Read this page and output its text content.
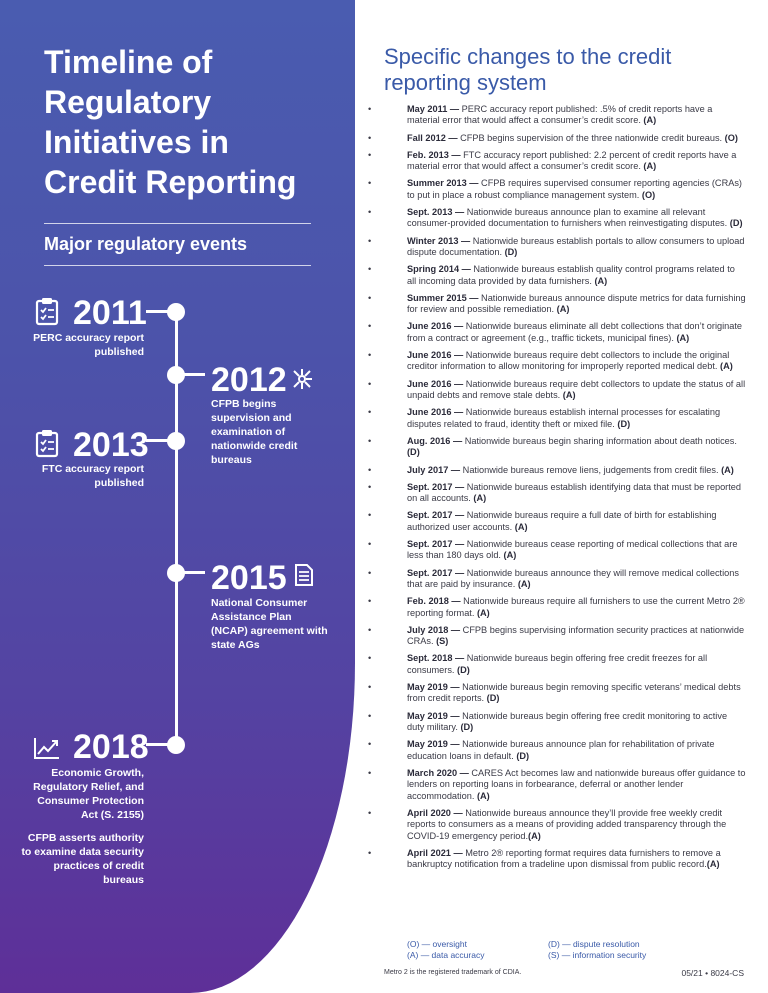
Timeline of Regulatory Initiatives in Credit Reporting
Major regulatory events
2011
PERC accuracy report published
2012
CFPB begins supervision and examination of nationwide credit bureaus
2013
FTC accuracy report published
2015
National Consumer Assistance Plan (NCAP) agreement with state AGs
2018
Economic Growth, Regulatory Relief, and Consumer Protection Act (S. 2155)
CFPB asserts authority to examine data security practices of credit bureaus
Specific changes to the credit reporting system
• May 2011 — PERC accuracy report published: .5% of credit reports have a material error that would affect a consumer’s credit score. (A)
• Fall 2012 — CFPB begins supervision of the three nationwide credit bureaus. (O)
• Feb. 2013 — FTC accuracy report published: 2.2 percent of credit reports have a material error that would affect a consumer’s credit score. (A)
• Summer 2013 — CFPB requires supervised consumer reporting agencies (CRAs) to put in place a robust compliance management system. (O)
• Sept. 2013 — Nationwide bureaus announce plan to examine all relevant consumer-provided documentation to furnishers when reinvestigating disputes. (D)
• Winter 2013 — Nationwide bureaus establish portals to allow consumers to upload dispute documentation. (D)
• Spring 2014 — Nationwide bureaus establish quality control programs related to all incoming data provided by data furnishers. (A)
• Summer 2015 — Nationwide bureaus announce dispute metrics for data furnishing for review and possible remediation. (A)
• June 2016 — Nationwide bureaus eliminate all debt collections that don’t originate from a contract or agreement (e.g., traffic tickets, municipal fines). (A)
• June 2016 — Nationwide bureaus require debt collectors to include the original creditor information to allow monitoring for improperly reported medical debt. (A)
• June 2016 — Nationwide bureaus require debt collectors to update the status of all unpaid debts and remove stale debts. (A)
• June 2016 — Nationwide bureaus establish internal processes for escalating disputes related to fraud, identity theft or mixed file. (D)
• Aug. 2016 — Nationwide bureaus begin sharing information about death notices. (D)
• July 2017 — Nationwide bureaus remove liens, judgements from credit files. (A)
• Sept. 2017 — Nationwide bureaus establish identifying data that must be reported on all accounts. (A)
• Sept. 2017 — Nationwide bureaus require a full date of birth for establishing authorized user accounts. (A)
• Sept. 2017 — Nationwide bureaus cease reporting of medical collections that are less than 180 days old. (A)
• Sept. 2017 — Nationwide bureaus announce they will remove medical collections that are paid by insurance. (A)
• Feb. 2018 — Nationwide bureaus require all furnishers to use the current Metro 2® reporting format. (A)
• July 2018 — CFPB begins supervising information security practices at nationwide CRAs. (S)
• Sept. 2018 — Nationwide bureaus begin offering free credit freezes for all consumers. (D)
• May 2019 — Nationwide bureaus begin removing specific veterans’ medical debts from credit reports. (D)
• May 2019 — Nationwide bureaus begin offering free credit monitoring to active duty military. (D)
• May 2019 — Nationwide bureaus announce plan for rehabilitation of private education loans in default. (D)
• March 2020 — CARES Act becomes law and nationwide bureaus offer guidance to lenders on reporting loans in forbearance, deferral or another lender accommodation. (A)
• April 2020 — Nationwide bureaus announce they’ll provide free weekly credit reports to consumers as a means of providing added transparency through the COVID-19 emergency period.(A)
• April 2021 — Metro 2® reporting format requires data furnishers to remove a bankruptcy notification from a tradeline upon dismissal from public record.(A)
(O) — oversight
(A) — data accuracy
(D) — dispute resolution
(S) — information security
Metro 2 is the registered trademark of CDIA.	05/21 • 8024-CS
